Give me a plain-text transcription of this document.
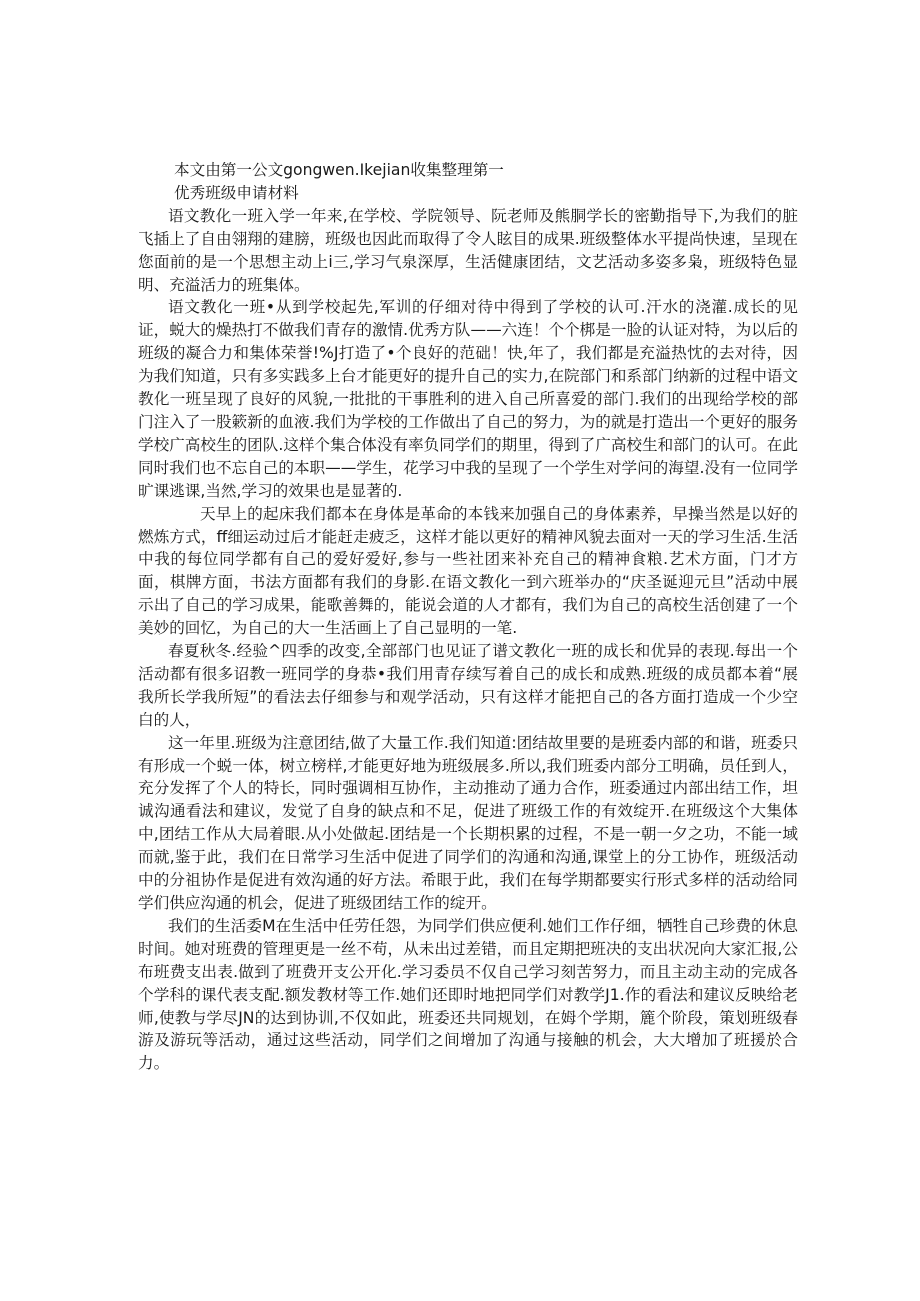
本文由第一公文gongwen.Ikejian收集整理第一

优秀班级申请材料

语文教化一班入学一年来,在学校、学院领导、阮老师及熊胴学长的密勤指导下,为我们的脏飞插上了自由翎翔的建膀，班级也因此而取得了令人眩目的成果.班级整体水平提尚快速，呈现在您面前的是一个思想主动上i三,学习气泉深厚，生活健康团结，文艺活动多姿多枭，班级特色显明、充溢活力的班集体。

语文教化一班•从到学校起先,军训的仔细对待中得到了学校的认可.汗水的浇灌.成长的见证，蜕大的燥热打不做我们青存的激情.优秀方队——六连！个个梆是一脸的认证对特，为以后的班级的凝合力和集体荣誉!%J打造了•个良好的范础！快,年了，我们都是充溢热忱的去对待，因为我们知道，只有多实践多上台才能更好的提升自己的实力,在院部门和系部门纳新的过程中语文教化一班呈现了良好的风貌,一批批的干事胜利的进入自己所喜爱的部门.我们的出现给学校的部门注入了一股簌新的血液.我们为学校的工作做出了自己的努力，为的就是打造出一个更好的服务学校广高校生的团队.这样个集合体没有率负同学们的期里，得到了广高校生和部门的认可。在此同时我们也不忘自己的本职——学生，花学习中我的呈现了一个学生对学问的海望.没有一位同学旷课逃课,当然,学习的效果也是显著的.

天早上的起床我们都本在身体是革命的本钱来加强自己的身体素养，早操当然是以好的燃炼方式，ff细运动过后才能赶走疲乏，这样才能以更好的精神风貌去面对一天的学习生活.生活中我的每位同学都有自己的爱好爱好,参与一些社团来补充自己的精神食粮.艺术方面，门才方面，棋牌方面，书法方面都有我们的身影.在语文教化一到六班举办的“庆圣诞迎元旦”活动中展示出了自己的学习成果，能歌善舞的，能说会道的人才都有，我们为自己的高校生活创建了一个美妙的回忆，为自己的大一生活画上了自己显明的一笔.

春夏秋冬.经验^四季的改变,全部部门也见证了谱文教化一班的成长和优异的表现.每出一个活动都有很多诏教一班同学的身恭•我们用青存续写着自己的成长和成熟.班级的成员都本着“展我所长学我所短”的看法去仔细参与和观学活动，只有这样才能把自己的各方面打造成一个少空白的人，

这一年里.班级为注意团结,做了大量工作.我们知道:团结故里要的是班委内部的和谐，班委只有形成一个蜕一体，树立榜样,才能更好地为班级展多.所以,我们班委内部分工明确，员任到人，充分发挥了个人的特长，同时强调相互协作，主动推动了通力合作，班委通过内部出结工作，坦诚沟通看法和建议，发觉了自身的缺点和不足，促进了班级工作的有效绽开.在班级这个大集体中,团结工作从大局着眼.从小处做起.团结是一个长期枳累的过程，不是一朝一夕之功，不能一域而就,鉴于此，我们在日常学习生活中促进了同学们的沟通和沟通,课堂上的分工协作，班级活动中的分祖协作是促进有效沟通的好方法。希眼于此，我们在每学期都要实行形式多样的活动给同学们供应沟通的机会，促进了班级团结工作的绽开。

我们的生活委M在生活中任劳任怨，为同学们供应便利.她们工作仔细，牺牲自己珍费的休息时间。她对班费的管理更是一丝不苟，从未出过差错，而且定期把班决的支出状况向大家汇报,公布班费支出表.做到了班费开支公开化.学习委员不仅自己学习刻苦努力，而且主动主动的完成各个学科的课代表支配.额发教材等工作.她们还即时地把同学们对教学J1.作的看法和建议反映给老师,使教与学尽JN的达到协训,不仅如此，班委还共同规划，在姆个学期，簏个阶段，策划班级春游及游玩等活动，通过这些活动，同学们之间增加了沟通与接触的机会，大大增加了班援於合力。
